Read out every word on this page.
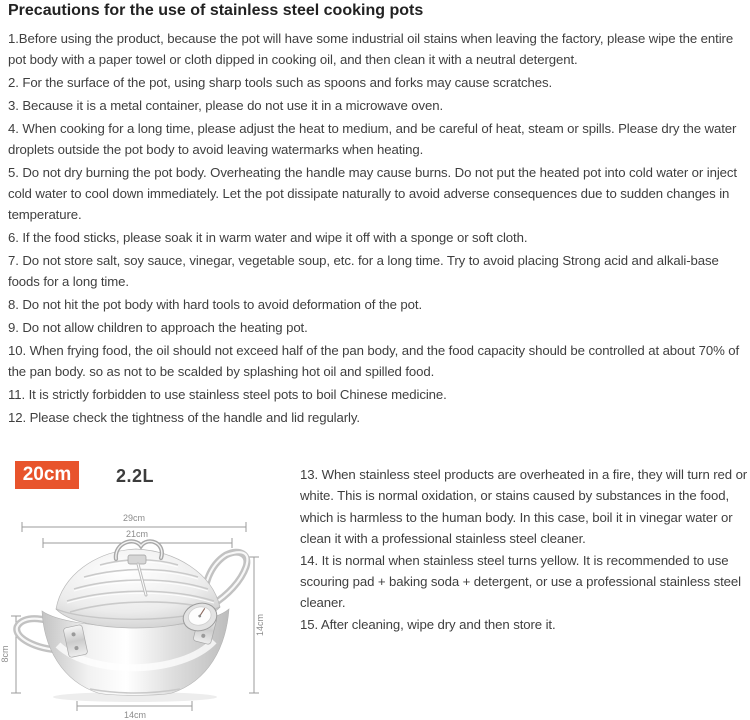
Precautions for the use of stainless steel cooking pots

1.Before using the product, because the pot will have some industrial oil stains when leaving the factory, please wipe the entire pot body with a paper towel or cloth dipped in cooking oil, and then clean it with a neutral detergent.

2. For the surface of the pot, using sharp tools such as spoons and forks may cause scratches.

3. Because it is a metal container, please do not use it in a microwave oven.

4. When cooking for a long time, please adjust the heat to medium, and be careful of heat, steam or spills. Please dry the water droplets outside the pot body to avoid leaving watermarks when heating.

5. Do not dry burning the pot body. Overheating the handle may cause burns. Do not put the heated pot into cold water or inject cold water to cool down immediately. Let the pot dissipate naturally to avoid adverse consequences due to sudden changes in temperature.

6. If the food sticks, please soak it in warm water and wipe it off with a sponge or soft cloth.

7. Do not store salt, soy sauce, vinegar, vegetable soup, etc. for a long time. Try to avoid placing Strong acid and alkali-base foods for a long time.

8. Do not hit the pot body with hard tools to avoid deformation of the pot.

9. Do not allow children to approach the heating pot.

10. When frying food, the oil should not exceed half of the pan body, and the food capacity should be controlled at about 70% of the pan body. so as not to be scalded by splashing hot oil and spilled food.

11. It is strictly forbidden to use stainless steel pots to boil Chinese medicine.

12. Please check the tightness of the handle and lid regularly.

20cm	2.2L
29cm
21cm
14cm
8cm
14cm

13. When stainless steel products are overheated in a fire, they will turn red or white. This is normal oxidation, or stains caused by substances in the food, which is harmless to the human body. In this case, boil it in vinegar water or clean it with a professional stainless steel cleaner.

14. It is normal when stainless steel turns yellow. It is recommended to use scouring pad + baking soda + detergent, or use a professional stainless steel cleaner.

15. After cleaning, wipe dry and then store it.
